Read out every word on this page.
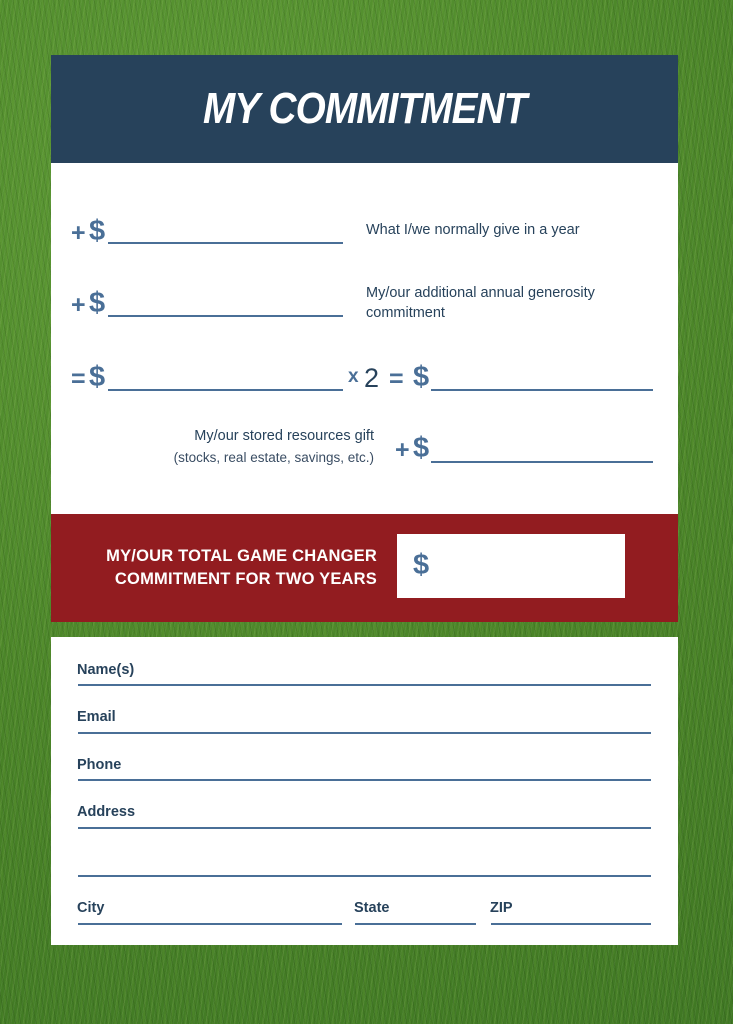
MY COMMITMENT
+ $	What I/we normally give in a year
+ $	My/our additional annual generosity
commitment
= $	x 2 = $
My/our stored resources gift
(stocks, real estate, savings, etc.) + $
MY/OUR TOTAL GAME CHANGER
COMMITMENT FOR TWO YEARS $
Name(s)
Email
Phone
Address
City	State	ZIP
